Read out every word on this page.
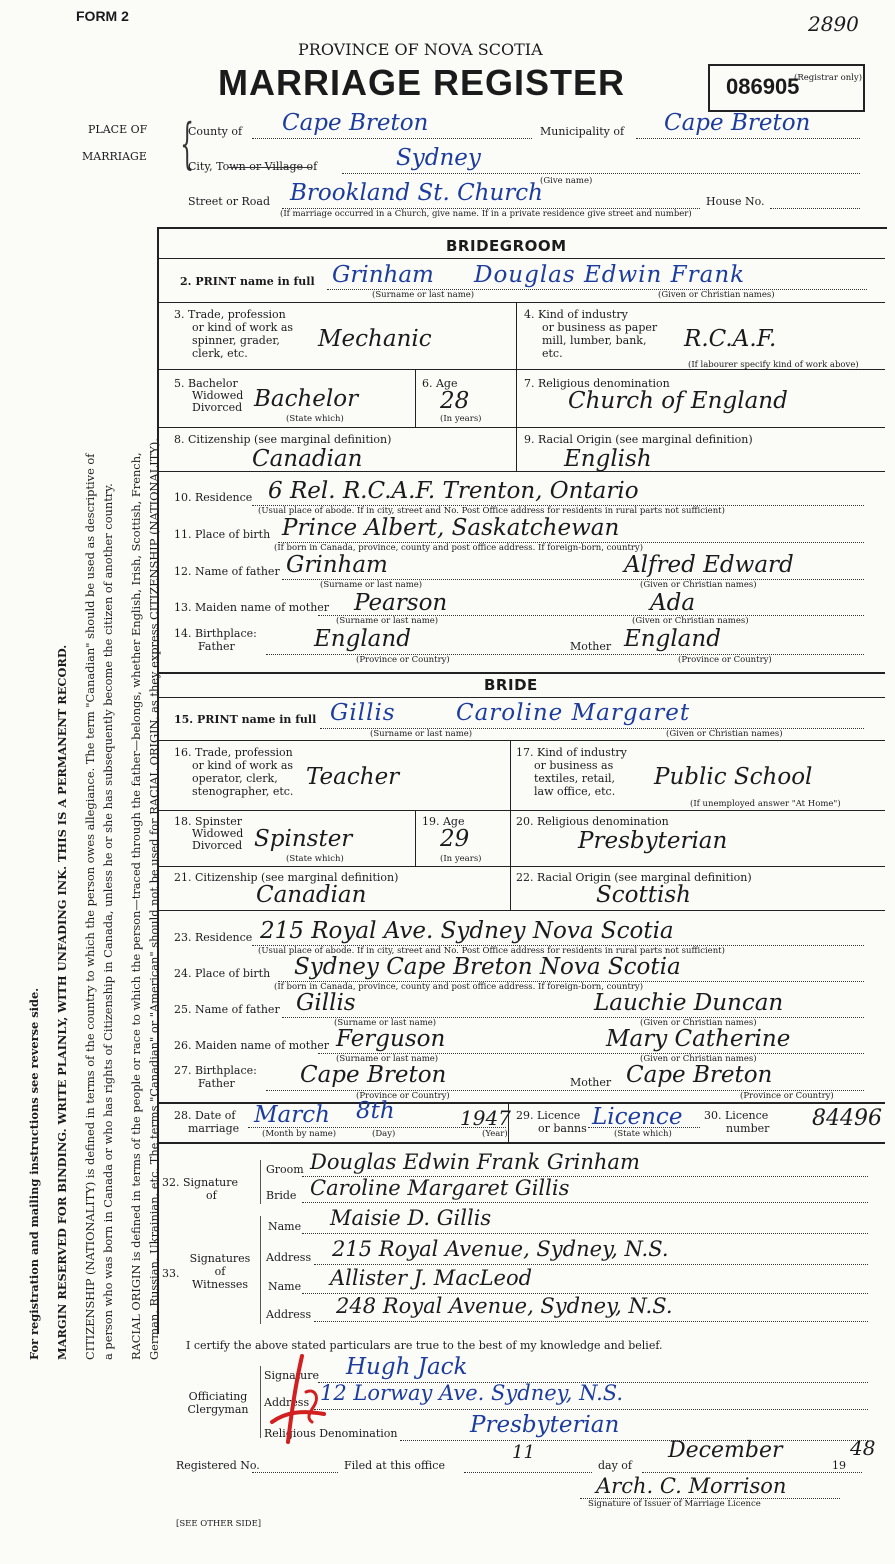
For registration and mailing instructions see reverse side. MARGIN RESERVED FOR BINDING. WRITE PLAINLY, WITH UNFADING INK. THIS IS A PERMANENT RECORD. CITIZENSHIP (NATIONALITY) is defined in terms of the country to which the person owes allegiance. The term "Canadian" should be used as descriptive of a person who was born in Canada or who has rights of Citizenship in Canada, unless he or she has subsequently become the citizen of another country. RACIAL ORIGIN is defined in terms of the people or race to which the person—traced through the father—belongs, whether English, Irish, Scottish, French, German, Russian, Ukrainian, etc. The terms "Canadian" or "American" should not be used for RACIAL ORIGIN, as they express CITIZENSHIP (NATIONALITY).
FORM 2	2890
PROVINCE OF NOVA SCOTIA
MARRIAGE REGISTER	086905
(Registrar only)
PLACE OF
MARRIAGE {
County of Cape Breton	Municipality of Cape Breton
City, Town or Village of	Sydney
(Give name)
Street or Road Brookland St. Church	House No.
(If marriage occurred in a Church, give name. If in a private residence give street and number)
BRIDEGROOM
2. PRINT name in full Grinham Douglas Edwin Frank
(Surname or last name)	(Given or Christian names)
3. Trade, profession
or kind of work as
spinner, grader,
clerk, etc.
Mechanic
4. Kind of industry
or business as paper
mill, lumber, bank,
etc.
R.C.A.F.
(If labourer specify kind of work above)
5. Bachelor
Widowed
Divorced Bachelor
(State which)
6. Age
28
(In years)
7. Religious denomination
Church of England
8. Citizenship (see marginal definition)
Canadian
9. Racial Origin (see marginal definition)
English
10. Residence 6 Rel. R.C.A.F. Trenton, Ontario
(Usual place of abode. If in city, street and No. Post Office address for residents in rural parts not sufficient)
11. Place of birth Prince Albert, Saskatchewan
(If born in Canada, province, county and post office address. If foreign-born, country)
12. Name of father Grinham	Alfred Edward
(Surname or last name)	(Given or Christian names)
13. Maiden name of mother Pearson	Ada
(Surname or last name)	(Given or Christian names)
14. Birthplace:
Father	England	Mother England
(Province or Country)	(Province or Country)
BRIDE
15. PRINT name in full Gillis	Caroline Margaret
(Surname or last name)	(Given or Christian names)
16. Trade, profession
or kind of work as
operator, clerk,
stenographer, etc.
Teacher
17. Kind of industry
or business as
textiles, retail,
law office, etc.
Public School
(If unemployed answer "At Home")
18. Spinster
Widowed
Divorced Spinster
(State which)
19. Age
29
(In years)
20. Religious denomination
Presbyterian
21. Citizenship (see marginal definition)
Canadian
22. Racial Origin (see marginal definition)
Scottish
23. Residence 215 Royal Ave. Sydney Nova Scotia
(Usual place of abode. If in city, street and No. Post Office address for residents in rural parts not sufficient)
24. Place of birth Sydney Cape Breton Nova Scotia
(If born in Canada, province, county and post office address. If foreign-born, country)
25. Name of father Gillis	Lauchie Duncan
(Surname or last name)	(Given or Christian names)
26. Maiden name of mother Ferguson	Mary Catherine
(Surname or last name)	(Given or Christian names)
27. Birthplace:
Father	Cape Breton	Mother Cape Breton
(Province or Country)	(Province or Country)
28. Date of
marriage
March 8th	1947
(Month by name)	(Day)	(Year)
29. Licence
or banns Licence
(State which)
30. Licence
number 84496
32. Signature
of
Groom Douglas Edwin Frank Grinham
Bride Caroline Margaret Gillis
33.
Signatures
of
Witnesses
Name Maisie D. Gillis
Address 215 Royal Avenue, Sydney, N.S.
Name Allister J. MacLeod
Address 248 Royal Avenue, Sydney, N.S.
I certify the above stated particulars are true to the best of my knowledge and belief.
Officiating
Clergyman
Signature Hugh Jack
Address 12 Lorway Ave. Sydney, N.S.
Religious Denomination	Presbyterian
Registered No.	Filed at this office
11
day of
December
19
48
Arch. C. Morrison
Signature of Issuer of Marriage Licence
[SEE OTHER SIDE]
